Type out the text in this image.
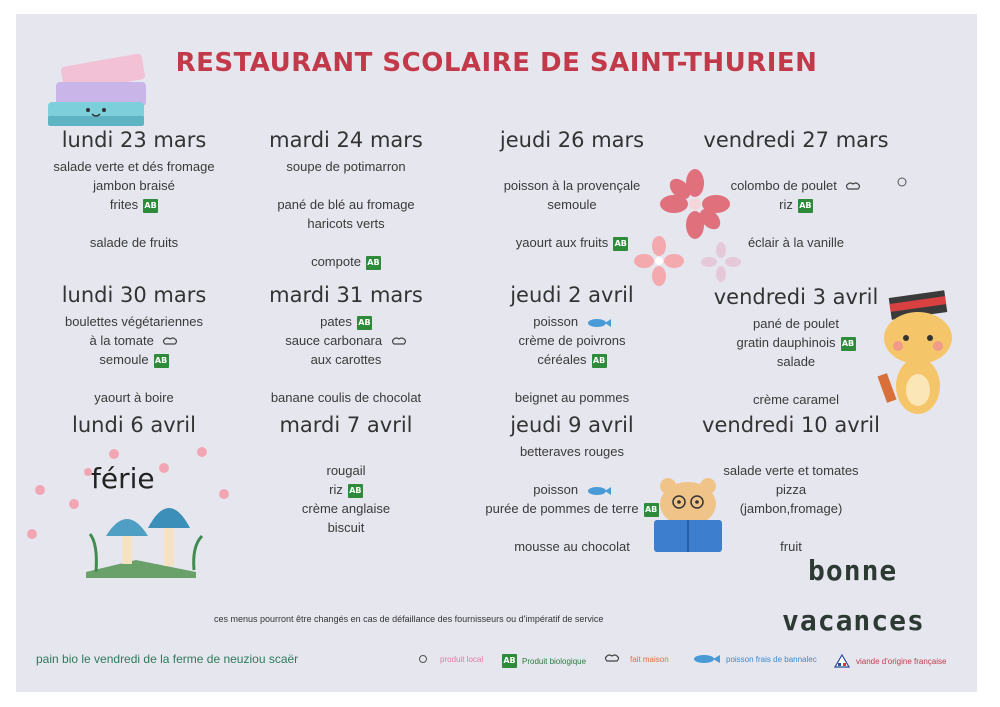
RESTAURANT SCOLAIRE DE SAINT-THURIEN
lundi 23 mars
salade verte et dés fromage
jambon braisé
frites AB
salade de fruits
mardi 24 mars
soupe de potimarron
pané de blé au fromage
haricots verts
compote AB
jeudi 26 mars
poisson à la provençale
semoule
yaourt aux fruits AB
vendredi 27 mars
colombo de poulet
riz AB
éclair à la vanille
lundi 30 mars
boulettes végétariennes
à la tomate
semoule AB
yaourt à boire
mardi 31 mars
pates AB
sauce carbonara
aux carottes
banane coulis de chocolat
jeudi 2 avril
poisson
crème de poivrons
céréales AB
beignet au pommes
vendredi 3 avril
pané de poulet
gratin dauphinois AB
salade
crème caramel
lundi 6 avril
férie
mardi 7 avril
rougail
riz AB
crème anglaise
biscuit
jeudi 9 avril
betteraves rouges
poisson
purée de pommes de terre AB
mousse au chocolat
vendredi 10 avril
salade verte et tomates
pizza
(jambon,fromage)
fruit
bonne
vacances
ces menus pourront être changés en cas de défaillance des fournisseurs ou d'impératif de service
pain bio le vendredi de la ferme de neuziou scaër	produit local	AB Produit biologique	fait maison	poisson frais de bannalec	viande d'origine française
